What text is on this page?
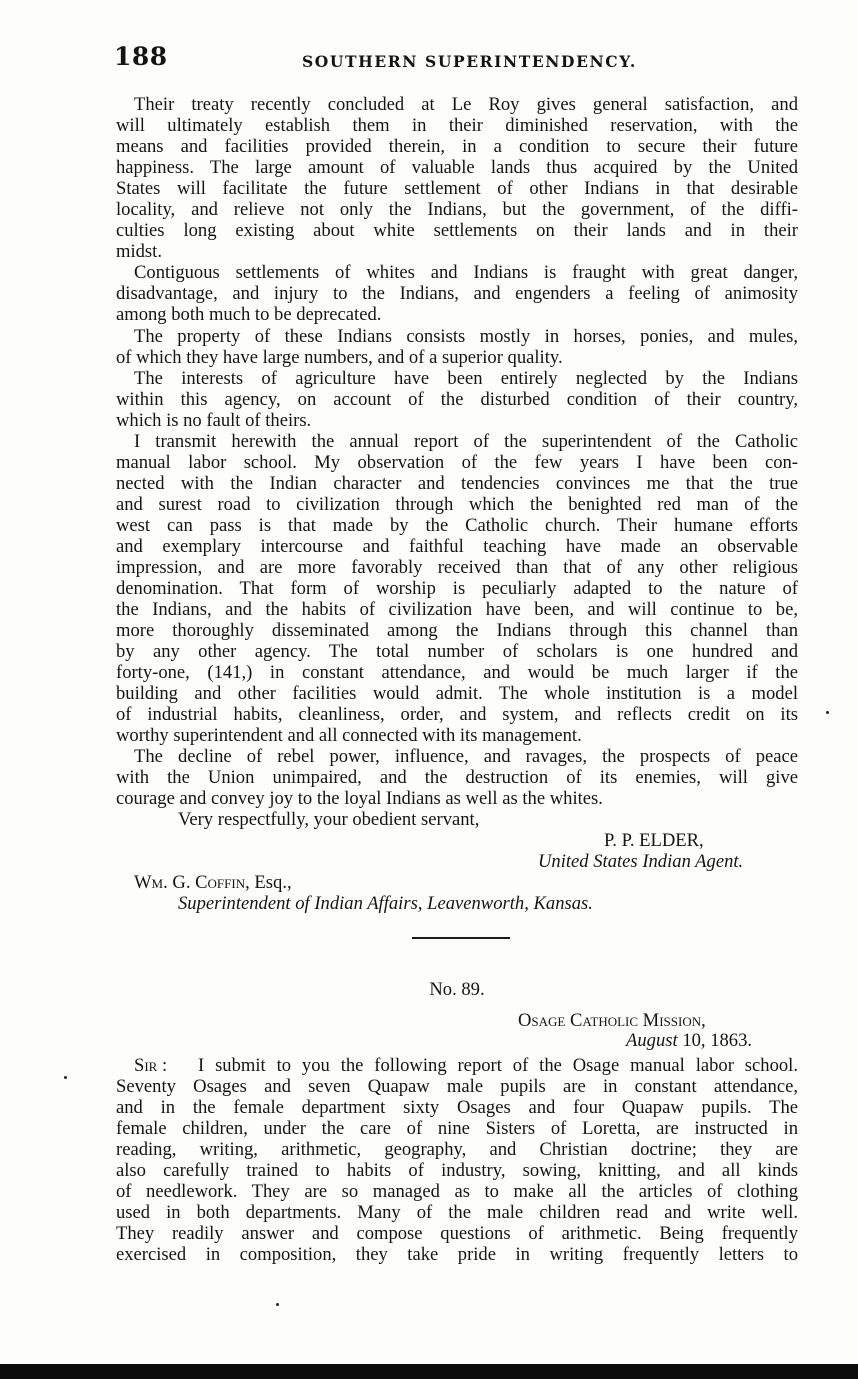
188	SOUTHERN SUPERINTENDENCY.
Their treaty recently concluded at Le Roy gives general satisfaction, and
will ultimately establish them in their diminished reservation, with the
means and facilities provided therein, in a condition to secure their future
happiness. The large amount of valuable lands thus acquired by the United
States will facilitate the future settlement of other Indians in that desirable
locality, and relieve not only the Indians, but the government, of the diffi-
culties long existing about white settlements on their lands and in their
midst.
Contiguous settlements of whites and Indians is fraught with great danger,
disadvantage, and injury to the Indians, and engenders a feeling of animosity
among both much to be deprecated.
The property of these Indians consists mostly in horses, ponies, and mules,
of which they have large numbers, and of a superior quality.
The interests of agriculture have been entirely neglected by the Indians
within this agency, on account of the disturbed condition of their country,
which is no fault of theirs.
I transmit herewith the annual report of the superintendent of the Catholic
manual labor school. My observation of the few years I have been con-
nected with the Indian character and tendencies convinces me that the true
and surest road to civilization through which the benighted red man of the
west can pass is that made by the Catholic church. Their humane efforts
and exemplary intercourse and faithful teaching have made an observable
impression, and are more favorably received than that of any other religious
denomination. That form of worship is peculiarly adapted to the nature of
the Indians, and the habits of civilization have been, and will continue to be,
more thoroughly disseminated among the Indians through this channel than
by any other agency. The total number of scholars is one hundred and
forty-one, (141,) in constant attendance, and would be much larger if the
building and other facilities would admit. The whole institution is a model
of industrial habits, cleanliness, order, and system, and reflects credit on its
worthy superintendent and all connected with its management.
The decline of rebel power, influence, and ravages, the prospects of peace
with the Union unimpaired, and the destruction of its enemies, will give
courage and convey joy to the loyal Indians as well as the whites.
Very respectfully, your obedient servant,
P. P. ELDER,
United States Indian Agent.
Wm. G. Coffin, Esq.,
Superintendent of Indian Affairs, Leavenworth, Kansas.
No. 89.
Osage Catholic Mission,
August 10, 1863.
Sir :	I submit to you the following report of the Osage manual labor school.
Seventy Osages and seven Quapaw male pupils are in constant attendance,
and in the female department sixty Osages and four Quapaw pupils. The
female children, under the care of nine Sisters of Loretta, are instructed in
reading, writing, arithmetic, geography, and Christian doctrine; they are
also carefully trained to habits of industry, sowing, knitting, and all kinds
of needlework. They are so managed as to make all the articles of clothing
used in both departments. Many of the male children read and write well.
They readily answer and compose questions of arithmetic. Being frequently
exercised in composition, they take pride in writing frequently letters to
